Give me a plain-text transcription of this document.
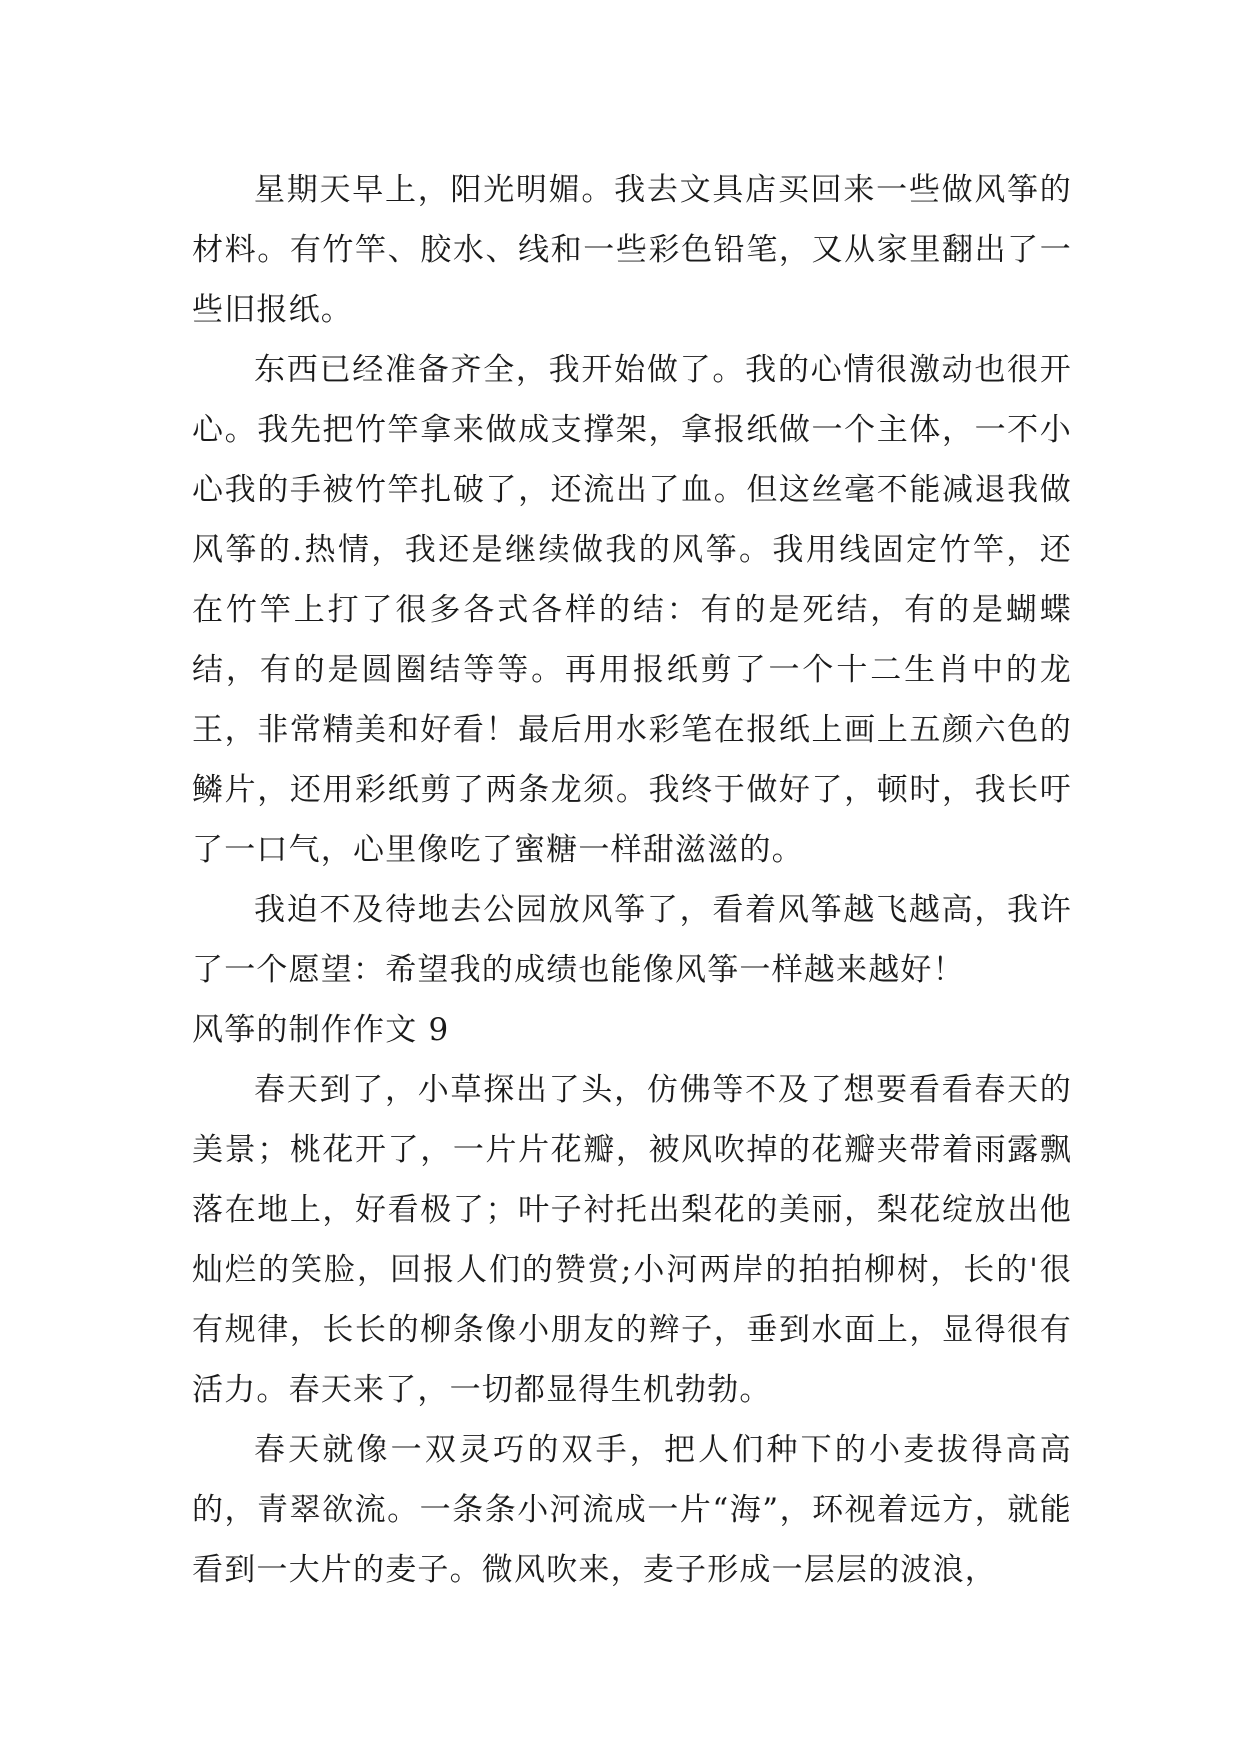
星期天早上，阳光明媚。我去文具店买回来一些做风筝的材料。有竹竿、胶水、线和一些彩色铅笔，又从家里翻出了一些旧报纸。

东西已经准备齐全，我开始做了。我的心情很激动也很开心。我先把竹竿拿来做成支撑架，拿报纸做一个主体，一不小心我的手被竹竿扎破了，还流出了血。但这丝毫不能减退我做风筝的.热情，我还是继续做我的风筝。我用线固定竹竿，还在竹竿上打了很多各式各样的结：有的是死结，有的是蝴蝶结，有的是圆圈结等等。再用报纸剪了一个十二生肖中的龙王，非常精美和好看！最后用水彩笔在报纸上画上五颜六色的鳞片，还用彩纸剪了两条龙须。我终于做好了，顿时，我长吁了一口气，心里像吃了蜜糖一样甜滋滋的。

我迫不及待地去公园放风筝了，看着风筝越飞越高，我许了一个愿望：希望我的成绩也能像风筝一样越来越好！

风筝的制作作文 9

春天到了，小草探出了头，仿佛等不及了想要看看春天的美景；桃花开了，一片片花瓣，被风吹掉的花瓣夹带着雨露飘落在地上，好看极了；叶子衬托出梨花的美丽，梨花绽放出他灿烂的笑脸，回报人们的赞赏;小河两岸的拍拍柳树，长的'很有规律，长长的柳条像小朋友的辫子，垂到水面上，显得很有活力。春天来了，一切都显得生机勃勃。

春天就像一双灵巧的双手，把人们种下的小麦拔得高高的，青翠欲流。一条条小河流成一片“海”，环视着远方，就能看到一大片的麦子。微风吹来，麦子形成一层层的波浪，
